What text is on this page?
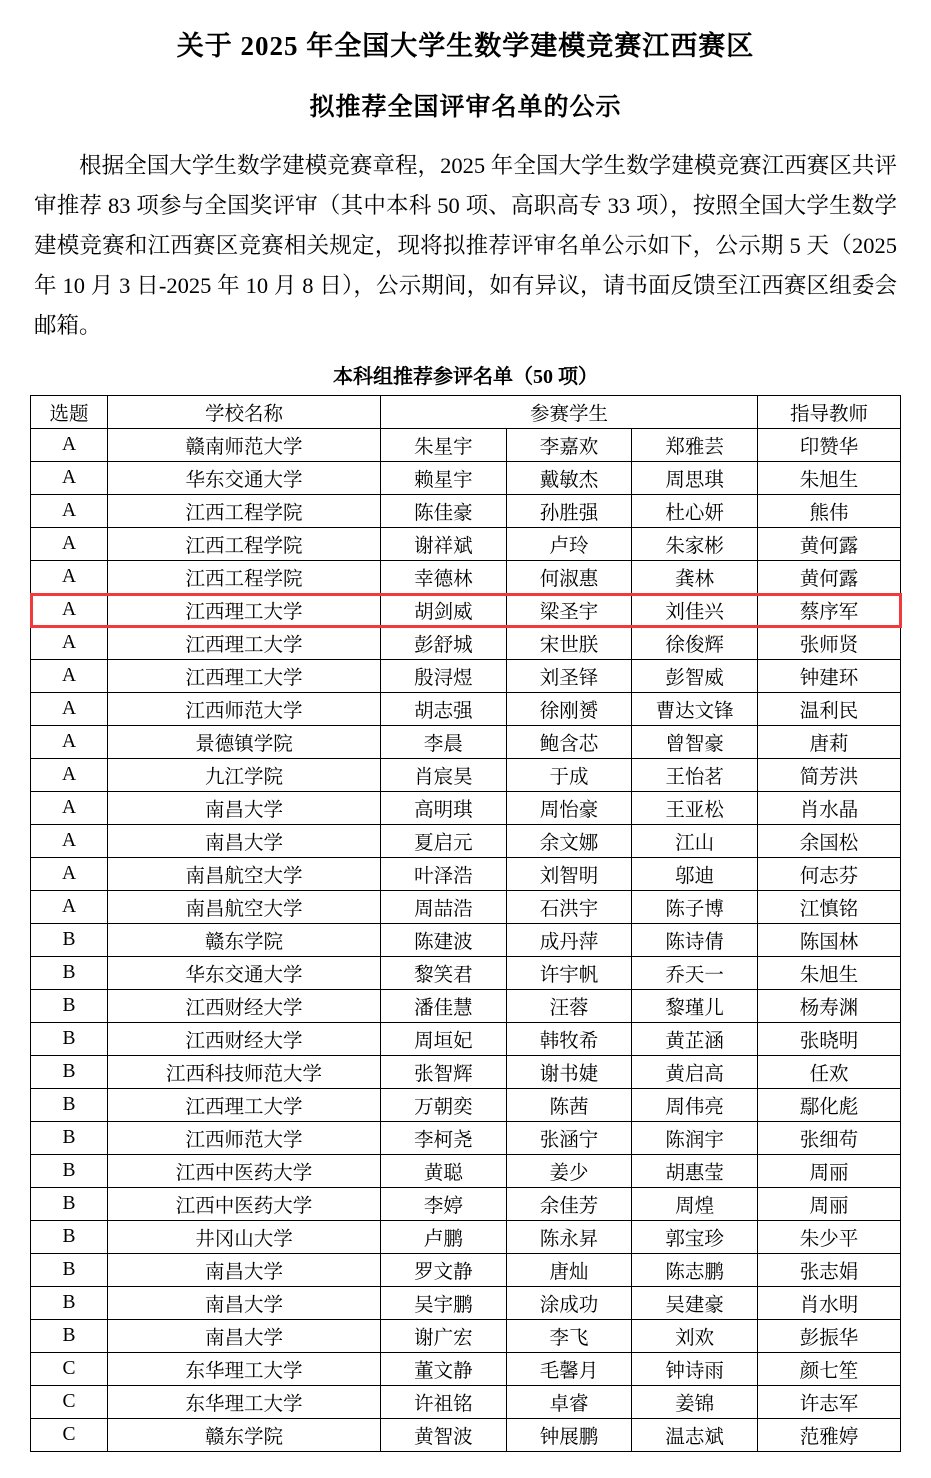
关于 2025 年全国大学生数学建模竞赛江西赛区
拟推荐全国评审名单的公示

根据全国大学生数学建模竞赛章程，2025 年全国大学生数学建模竞赛江西赛区共评审推荐 83 项参与全国奖评审（其中本科 50 项、高职高专 33 项），按照全国大学生数学建模竞赛和江西赛区竞赛相关规定，现将拟推荐评审名单公示如下，公示期 5 天（2025 年 10 月 3 日-2025 年 10 月 8 日），公示期间，如有异议，请书面反馈至江西赛区组委会邮箱。

本科组推荐参评名单（50 项）
选题	学校名称	参赛学生			指导教师
A	赣南师范大学	朱星宇	李嘉欢	郑雅芸	印赞华
A	华东交通大学	赖星宇	戴敏杰	周思琪	朱旭生
A	江西工程学院	陈佳豪	孙胜强	杜心妍	熊伟
A	江西工程学院	谢祥斌	卢玲	朱家彬	黄何露
A	江西工程学院	幸德林	何淑惠	龚林	黄何露
A	江西理工大学	胡剑威	梁圣宇	刘佳兴	蔡序军
A	江西理工大学	彭舒城	宋世朕	徐俊辉	张师贤
A	江西理工大学	殷浔煜	刘圣铎	彭智威	钟建环
A	江西师范大学	胡志强	徐刚赟	曹达文锋	温利民
A	景德镇学院	李晨	鲍含芯	曾智豪	唐莉
A	九江学院	肖宸昊	于成	王怡茗	简芳洪
A	南昌大学	高明琪	周怡豪	王亚松	肖水晶
A	南昌大学	夏启元	余文娜	江山	余国松
A	南昌航空大学	叶泽浩	刘智明	邬迪	何志芬
A	南昌航空大学	周喆浩	石洪宇	陈子博	江慎铭
B	赣东学院	陈建波	成丹萍	陈诗倩	陈国林
B	华东交通大学	黎笑君	许宇帆	乔天一	朱旭生
B	江西财经大学	潘佳慧	汪蓉	黎瑾儿	杨寿渊
B	江西财经大学	周垣妃	韩牧希	黄芷涵	张晓明
B	江西科技师范大学	张智辉	谢书婕	黄启高	任欢
B	江西理工大学	万朝奕	陈茜	周伟亮	鄢化彪
B	江西师范大学	李柯尧	张涵宁	陈润宇	张细苟
B	江西中医药大学	黄聪	姜少	胡惠莹	周丽
B	江西中医药大学	李婷	余佳芳	周煌	周丽
B	井冈山大学	卢鹏	陈永昇	郭宝珍	朱少平
B	南昌大学	罗文静	唐灿	陈志鹏	张志娟
B	南昌大学	吴宇鹏	涂成功	吴建豪	肖水明
B	南昌大学	谢广宏	李飞	刘欢	彭振华
C	东华理工大学	董文静	毛馨月	钟诗雨	颜七笙
C	东华理工大学	许祖铭	卓睿	姜锦	许志军
C	赣东学院	黄智波	钟展鹏	温志斌	范雅婷
